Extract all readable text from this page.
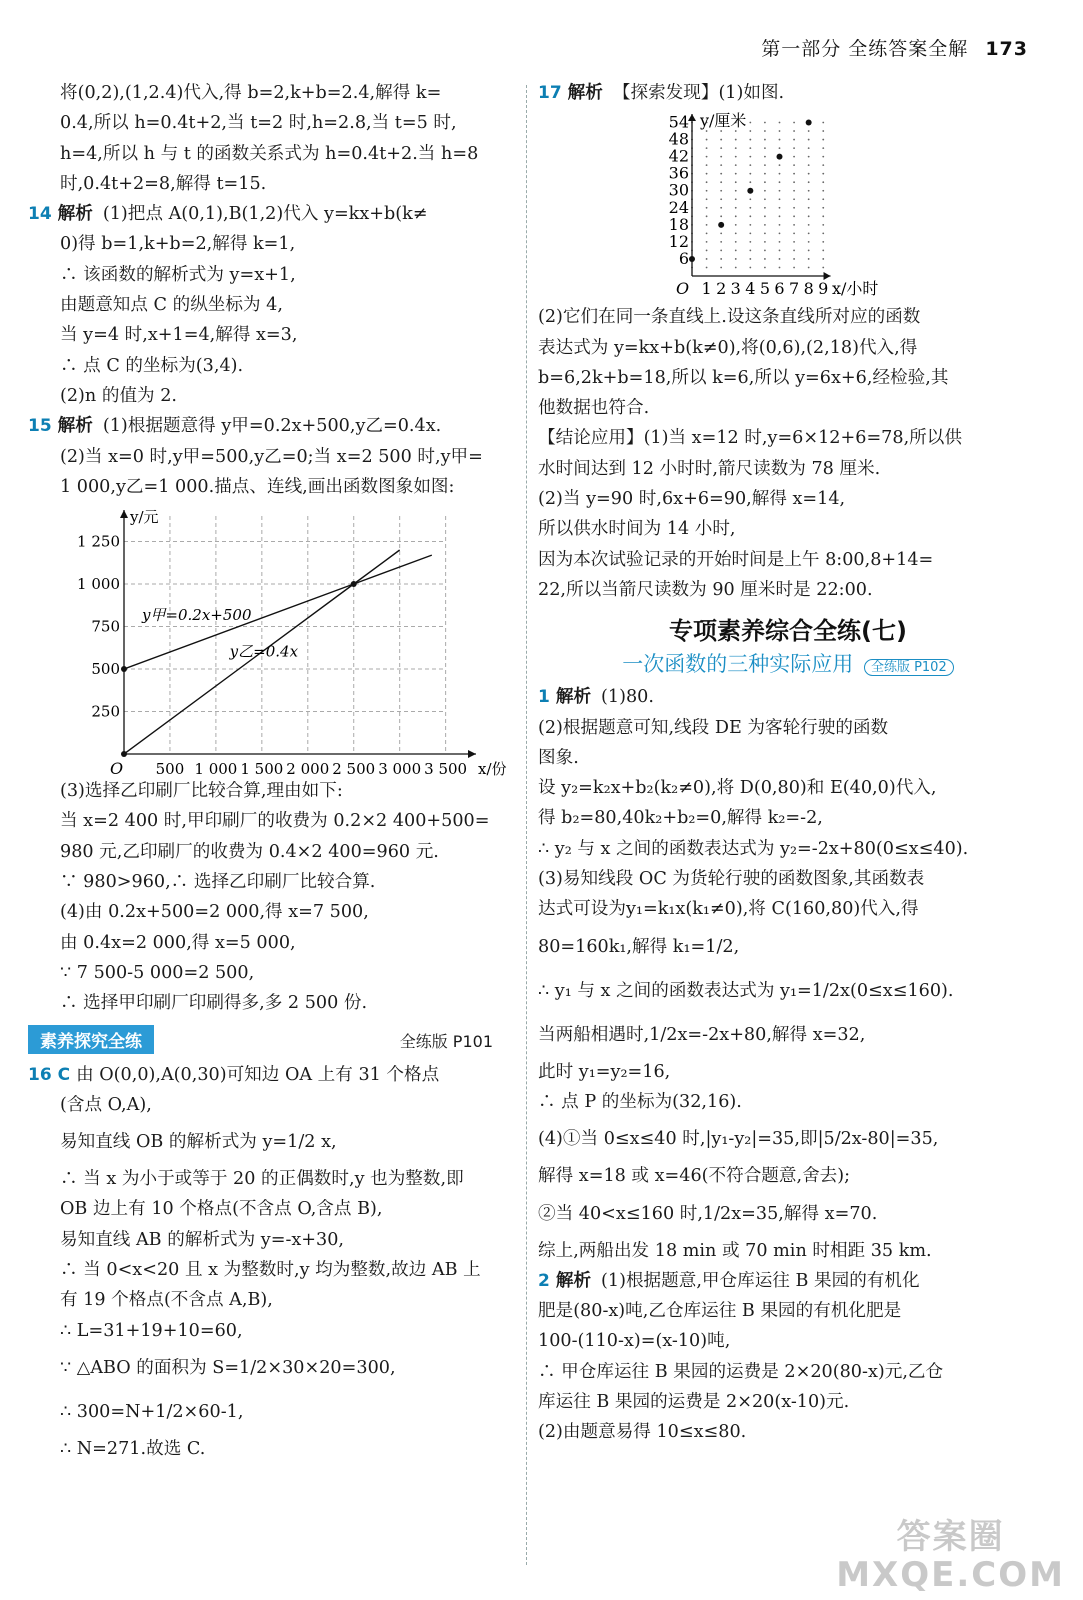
第一部分 全练答案全解 173
将(0,2),(1,2.4)代入,得 b=2,k+b=2.4,解得 k=
0.4,所以 h=0.4t+2,当 t=2 时,h=2.8,当 t=5 时,
h=4,所以 h 与 t 的函数关系式为 h=0.4t+2.当 h=8
时,0.4t+2=8,解得 t=15.
14 解析 (1)把点 A(0,1),B(1,2)代入 y=kx+b(k≠
0)得 b=1,k+b=2,解得 k=1,
∴ 该函数的解析式为 y=x+1,
由题意知点 C 的纵坐标为 4,
当 y=4 时,x+1=4,解得 x=3,
∴ 点 C 的坐标为(3,4).
(2)n 的值为 2.
15 解析 (1)根据题意得 y甲=0.2x+500,y乙=0.4x.
(2)当 x=0 时,y甲=500,y乙=0;当 x=2 500 时,y甲=
1 000,y乙=1 000.描点、连线,画出函数图象如图:
500 1 000 1 500 2 000 2 500 3 000 3 500
250
500
750
1 000
1 250
O	x/份
y/元
y甲=0.2x+500
y乙=0.4x
(3)选择乙印刷厂比较合算,理由如下:
当 x=2 400 时,甲印刷厂的收费为 0.2×2 400+500=
980 元,乙印刷厂的收费为 0.4×2 400=960 元.
∵ 980>960,∴ 选择乙印刷厂比较合算.
(4)由 0.2x+500=2 000,得 x=7 500,
由 0.4x=2 000,得 x=5 000,
∵ 7 500-5 000=2 500,
∴ 选择甲印刷厂印刷得多,多 2 500 份.
素养探究全练	全练版 P101
16 C 由 O(0,0),A(0,30)可知边 OA 上有 31 个格点
(含点 O,A),
易知直线 OB 的解析式为 y=1/2 x,
∴ 当 x 为小于或等于 20 的正偶数时,y 也为整数,即
OB 边上有 10 个格点(不含点 O,含点 B),
易知直线 AB 的解析式为 y=-x+30,
∴ 当 0<x<20 且 x 为整数时,y 均为整数,故边 AB 上
有 19 个格点(不含点 A,B),
∴ L=31+19+10=60,
∵ △ABO 的面积为 S=1/2×30×20=300,
∴ 300=N+1/2×60-1,
∴ N=271.故选 C.
17 解析 【探索发现】(1)如图.
1 2 3 4 5 6 7 8 9
6
12
18
24
30
36
42
48
54
O	x/小时
y/厘米
(2)它们在同一条直线上.设这条直线所对应的函数
表达式为 y=kx+b(k≠0),将(0,6),(2,18)代入,得
b=6,2k+b=18,所以 k=6,所以 y=6x+6,经检验,其
他数据也符合.
【结论应用】(1)当 x=12 时,y=6×12+6=78,所以供
水时间达到 12 小时时,箭尺读数为 78 厘米.
(2)当 y=90 时,6x+6=90,解得 x=14,
所以供水时间为 14 小时,
因为本次试验记录的开始时间是上午 8:00,8+14=
22,所以当箭尺读数为 90 厘米时是 22:00.
专项素养综合全练(七)
一次函数的三种实际应用 全练版 P102
1 解析 (1)80.
(2)根据题意可知,线段 DE 为客轮行驶的函数
图象.
设 y₂=k₂x+b₂(k₂≠0),将 D(0,80)和 E(40,0)代入,
得 b₂=80,40k₂+b₂=0,解得 k₂=-2,
∴ y₂ 与 x 之间的函数表达式为 y₂=-2x+80(0≤x≤40).
(3)易知线段 OC 为货轮行驶的函数图象,其函数表
达式可设为y₁=k₁x(k₁≠0),将 C(160,80)代入,得
80=160k₁,解得 k₁=1/2,
∴ y₁ 与 x 之间的函数表达式为 y₁=1/2x(0≤x≤160).
当两船相遇时,1/2x=-2x+80,解得 x=32,
此时 y₁=y₂=16,
∴ 点 P 的坐标为(32,16).
(4)①当 0≤x≤40 时,|y₁-y₂|=35,即|5/2x-80|=35,
解得 x=18 或 x=46(不符合题意,舍去);
②当 40<x≤160 时,1/2x=35,解得 x=70.
综上,两船出发 18 min 或 70 min 时相距 35 km.
2 解析 (1)根据题意,甲仓库运往 B 果园的有机化
肥是(80-x)吨,乙仓库运往 B 果园的有机化肥是
100-(110-x)=(x-10)吨,
∴ 甲仓库运往 B 果园的运费是 2×20(80-x)元,乙仓
库运往 B 果园的运费是 2×20(x-10)元.
(2)由题意易得 10≤x≤80.
答案圈
MXQE.COM
